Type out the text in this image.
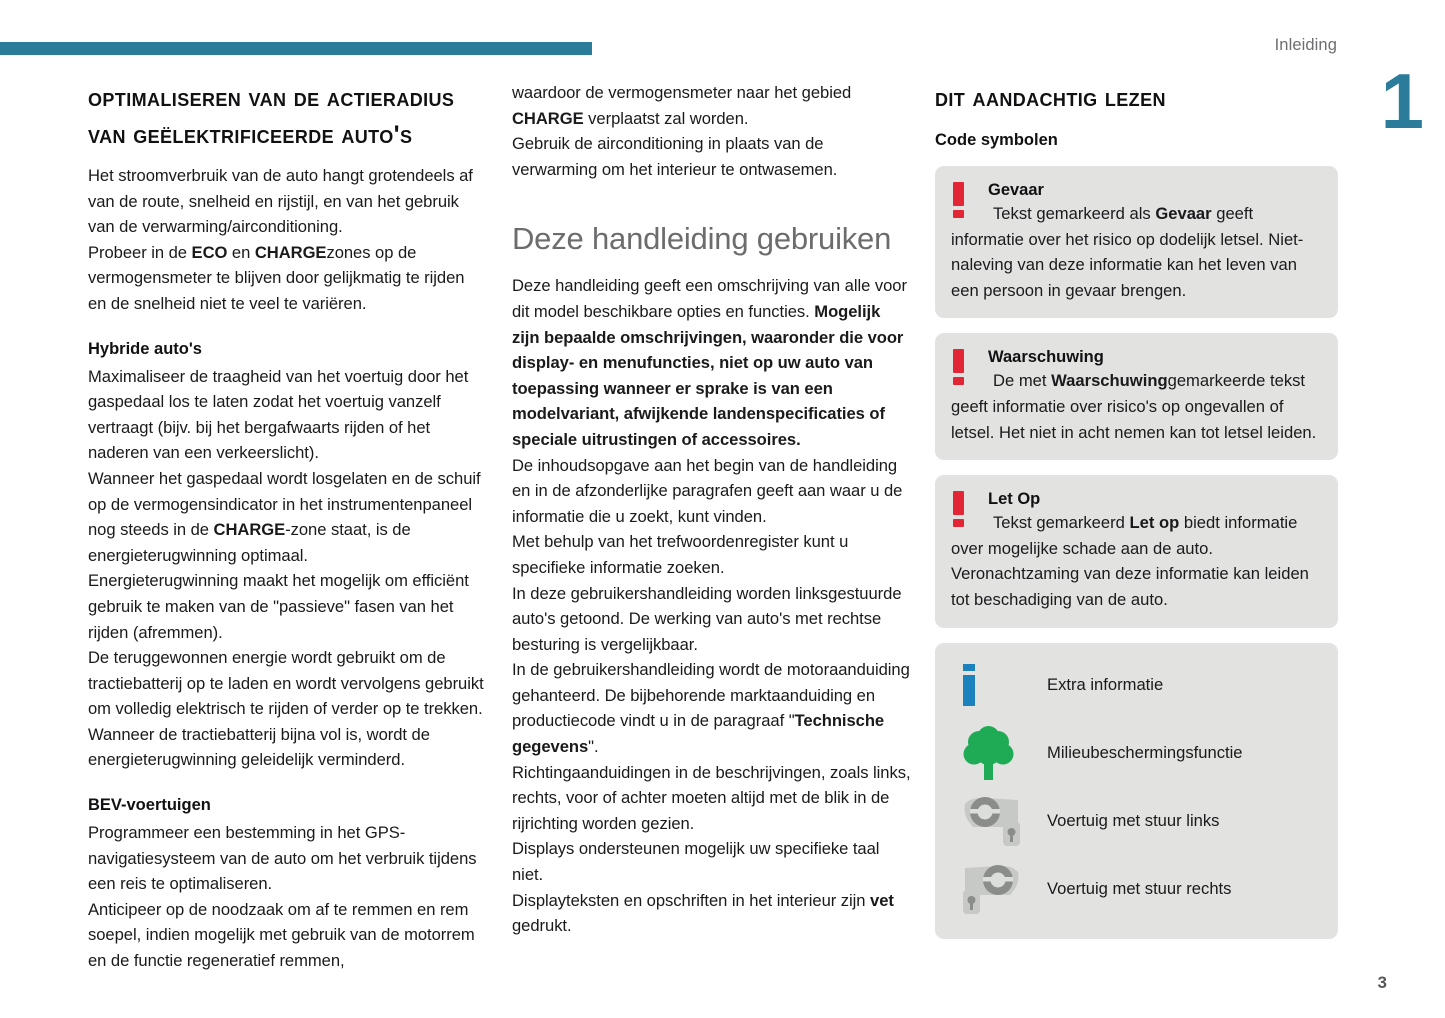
Inleiding
1
3
optimaliseren van de actieradius van geëlektrificeerde auto's

Het stroomverbruik van de auto hangt grotendeels af van de route, snelheid en rijstijl, en van het gebruik van de verwarming/airconditioning.

Probeer in de ECO en CHARGEzones op de vermogensmeter te blijven door gelijkmatig te rijden en de snelheid niet te veel te variëren.

Hybride auto's

Maximaliseer de traagheid van het voertuig door het gaspedaal los te laten zodat het voertuig vanzelf vertraagt (bijv. bij het bergafwaarts rijden of het naderen van een verkeerslicht).

Wanneer het gaspedaal wordt losgelaten en de schuif op de vermogensindicator in het instrumentenpaneel nog steeds in de CHARGE-zone staat, is de energieterugwinning optimaal.

Energieterugwinning maakt het mogelijk om efficiënt gebruik te maken van de "passieve" fasen van het rijden (afremmen).

De teruggewonnen energie wordt gebruikt om de tractiebatterij op te laden en wordt vervolgens gebruikt om volledig elektrisch te rijden of verder op te trekken.

Wanneer de tractiebatterij bijna vol is, wordt de energieterugwinning geleidelijk verminderd.

BEV-voertuigen

Programmeer een bestemming in het GPS-navigatiesysteem van de auto om het verbruik tijdens een reis te optimaliseren.

Anticipeer op de noodzaak om af te remmen en rem soepel, indien mogelijk met gebruik van de motorrem en de functie regeneratief remmen,

waardoor de vermogensmeter naar het gebied CHARGE verplaatst zal worden.

Gebruik de airconditioning in plaats van de verwarming om het interieur te ontwasemen.

Deze handleiding gebruiken

Deze handleiding geeft een omschrijving van alle voor dit model beschikbare opties en functies. Mogelijk zijn bepaalde omschrijvingen, waaronder die voor display- en menufuncties, niet op uw auto van toepassing wanneer er sprake is van een modelvariant, afwijkende landenspecificaties of speciale uitrustingen of accessoires.

De inhoudsopgave aan het begin van de handleiding en in de afzonderlijke paragrafen geeft aan waar u de informatie die u zoekt, kunt vinden.

Met behulp van het trefwoordenregister kunt u specifieke informatie zoeken.

In deze gebruikershandleiding worden linksgestuurde auto's getoond. De werking van auto's met rechtse besturing is vergelijkbaar.

In de gebruikershandleiding wordt de motoraanduiding gehanteerd. De bijbehorende marktaanduiding en productiecode vindt u in de paragraaf "Technische gegevens".

Richtingaanduidingen in de beschrijvingen, zoals links, rechts, voor of achter moeten altijd met de blik in de rijrichting worden gezien.

Displays ondersteunen mogelijk uw specifieke taal niet.

Displayteksten en opschriften in het interieur zijn vet gedrukt.

dit aandachtig lezen
Code symbolen

Gevaar

Tekst gemarkeerd als Gevaar geeft informatie over het risico op dodelijk letsel. Niet-naleving van deze informatie kan het leven van een persoon in gevaar brengen.

Waarschuwing

De met Waarschuwinggemarkeerde tekst geeft informatie over risico's op ongevallen of letsel. Het niet in acht nemen kan tot letsel leiden.

Let Op

Tekst gemarkeerd Let op biedt informatie over mogelijke schade aan de auto. Veronachtzaming van deze informatie kan leiden tot beschadiging van de auto.

Extra informatie
Milieubeschermingsfunctie
Voertuig met stuur links
Voertuig met stuur rechts
